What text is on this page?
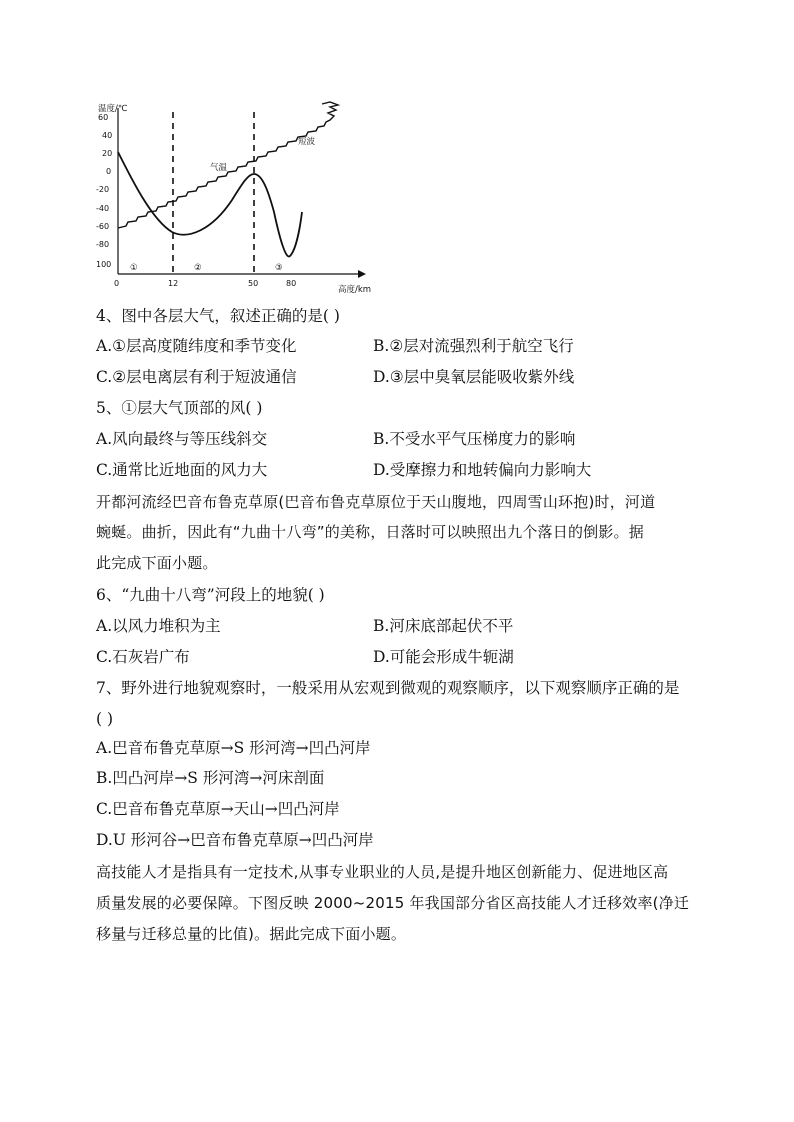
温度/℃
60
40
20
0
-20
-40
-60
-80
100
0	12	50	80
高度/km
①	②	③
气温
短波
4、图中各层大气，叙述正确的是( )
A.①层高度随纬度和季节变化	B.②层对流强烈利于航空飞行
C.②层电离层有利于短波通信	D.③层中臭氧层能吸收紫外线
5、①层大气顶部的风( )
A.风向最终与等压线斜交	B.不受水平气压梯度力的影响
C.通常比近地面的风力大	D.受摩擦力和地转偏向力影响大
开都河流经巴音布鲁克草原(巴音布鲁克草原位于天山腹地，四周雪山环抱)时，河道
蜿蜒。曲折，因此有“九曲十八弯”的美称，日落时可以映照出九个落日的倒影。据
此完成下面小题。
6、“九曲十八弯”河段上的地貌( )
A.以风力堆积为主	B.河床底部起伏不平
C.石灰岩广布	D.可能会形成牛轭湖
7、野外进行地貌观察时，一般采用从宏观到微观的观察顺序，以下观察顺序正确的是
( )
A.巴音布鲁克草原→S 形河湾→凹凸河岸
B.凹凸河岸→S 形河湾→河床剖面
C.巴音布鲁克草原→天山→凹凸河岸
D.U 形河谷→巴音布鲁克草原→凹凸河岸
高技能人才是指具有一定技术,从事专业职业的人员,是提升地区创新能力、促进地区高
质量发展的必要保障。下图反映 2000~2015 年我国部分省区高技能人才迁移效率(净迁
移量与迁移总量的比值)。据此完成下面小题。
